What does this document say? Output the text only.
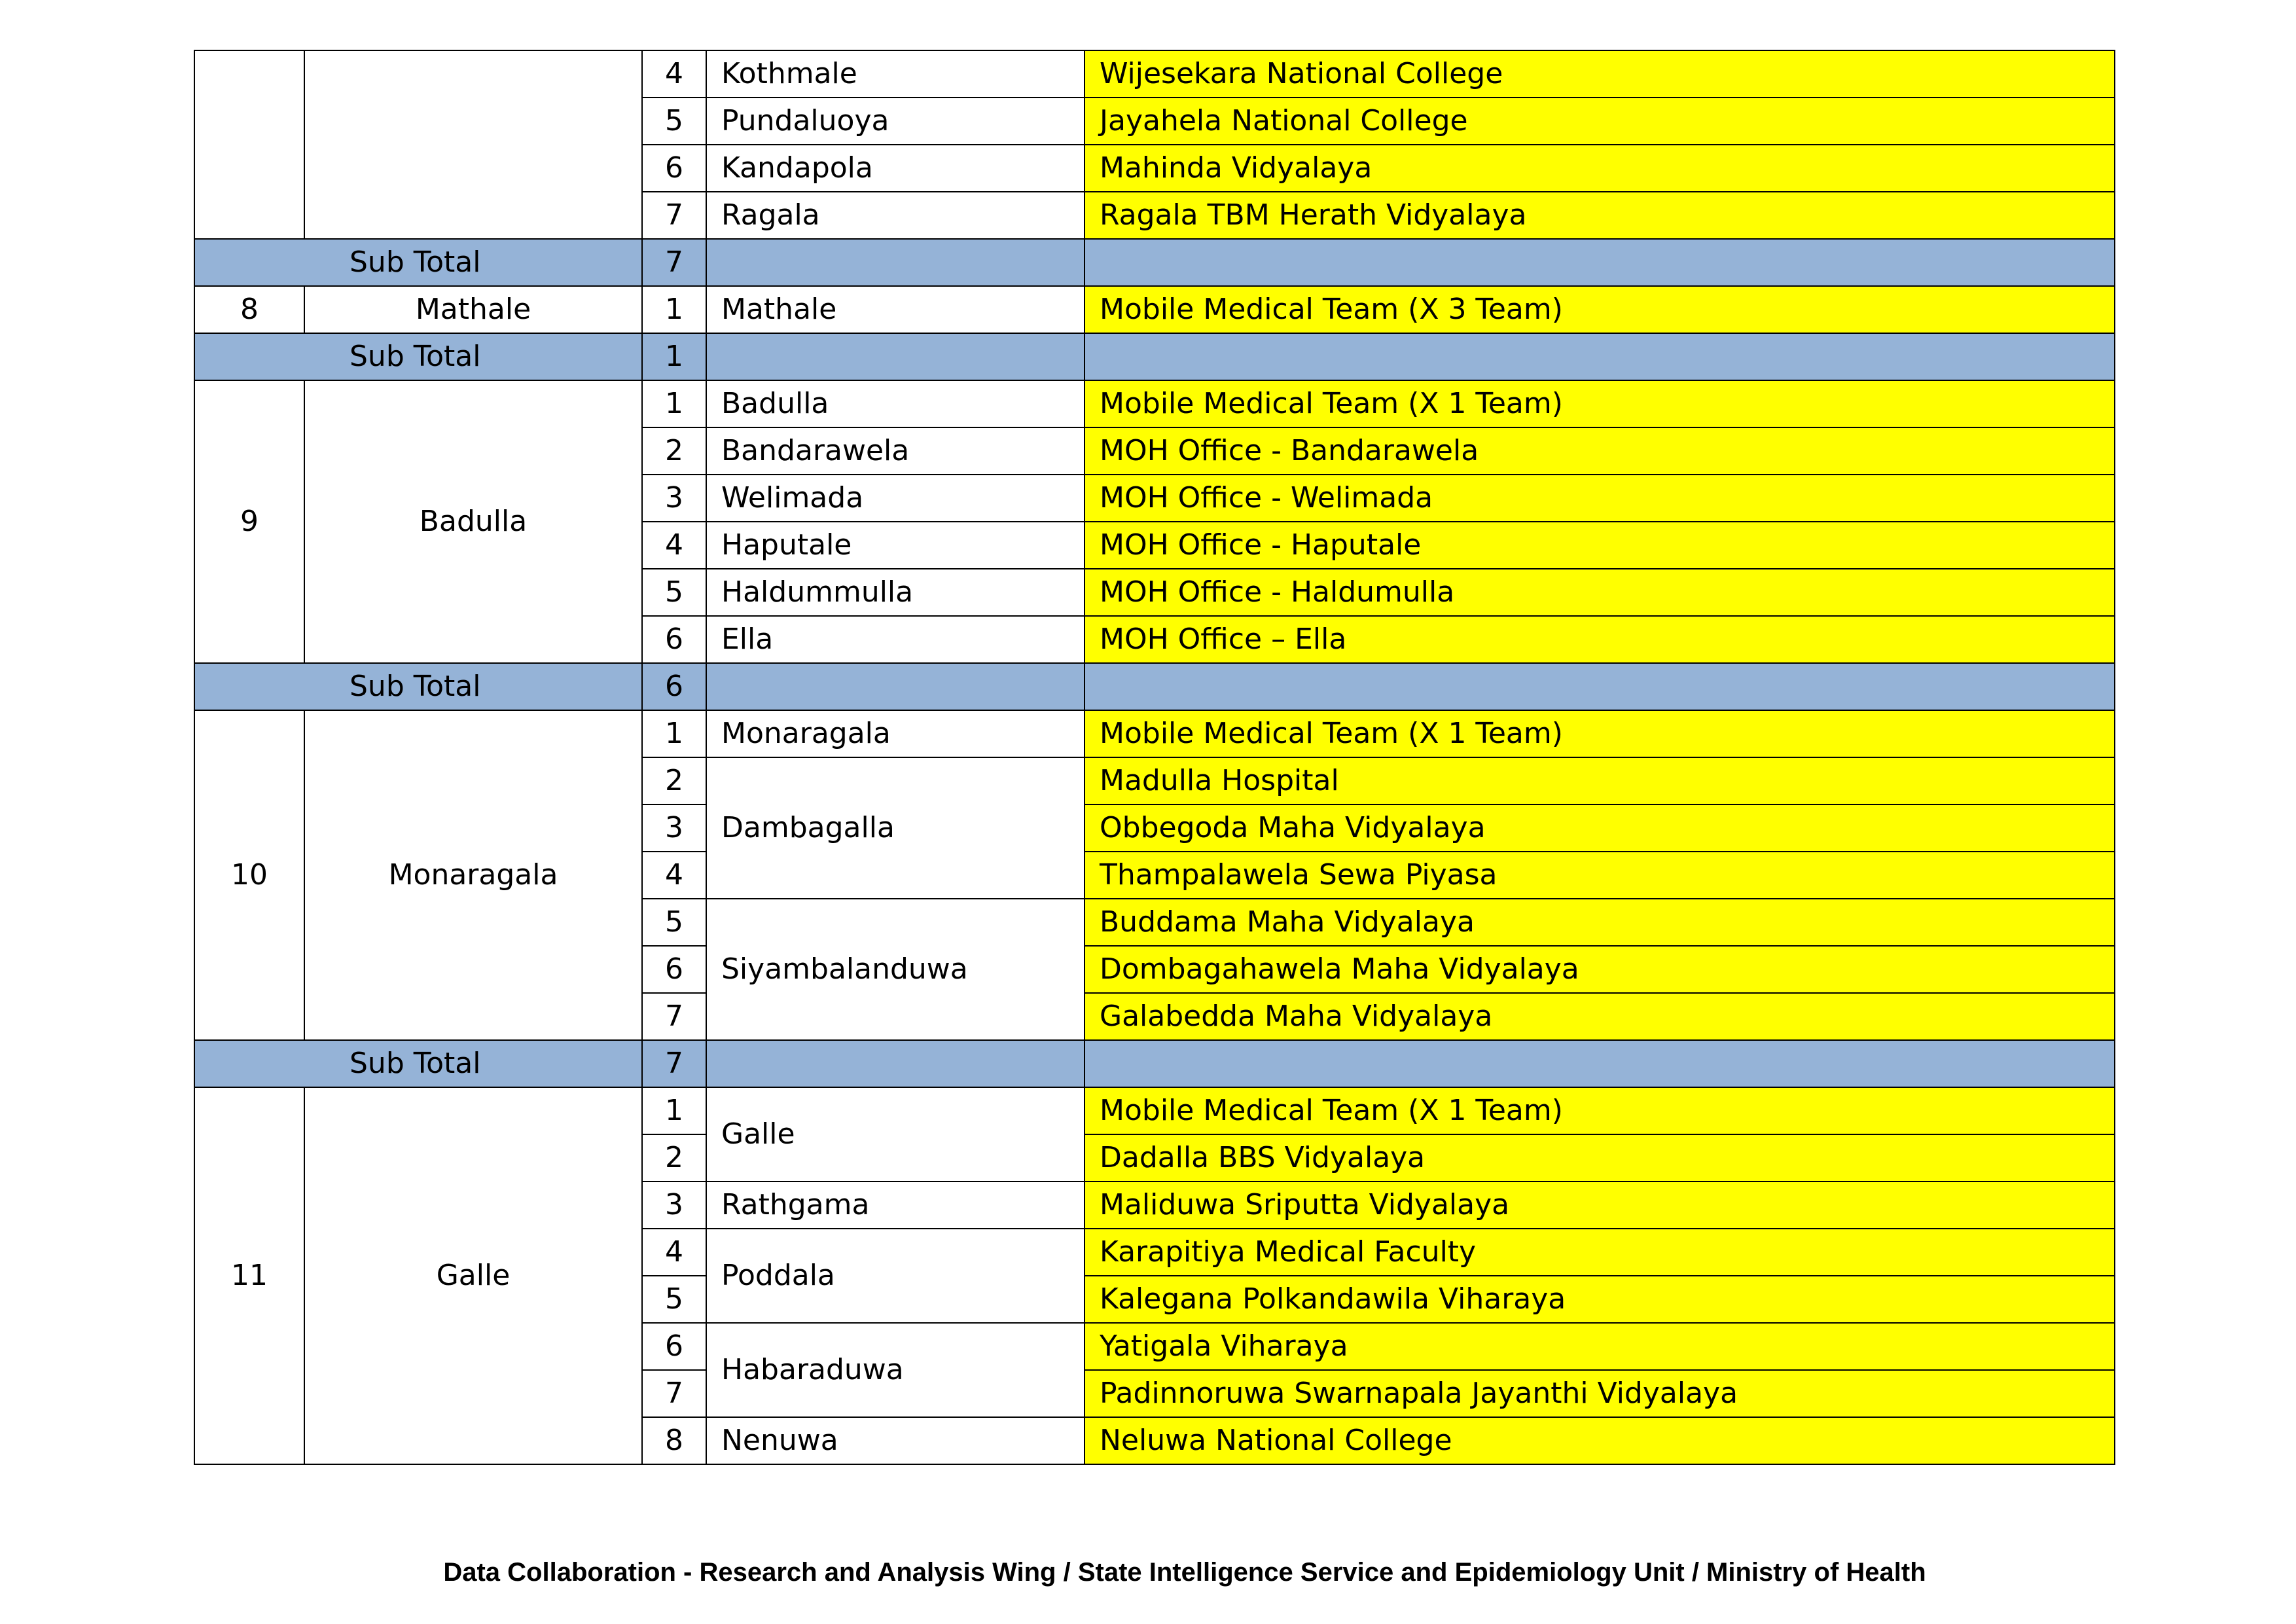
		4	Kothmale	Wijesekara National College
		5	Pundaluoya	Jayahela National College
		6	Kandapola	Mahinda Vidyalaya
		7	Ragala	Ragala TBM Herath Vidyalaya
Sub Total		7		
8	Mathale	1	Mathale	Mobile Medical Team (X 3 Team)
Sub Total		1		
9	Badulla	1	Badulla	Mobile Medical Team (X 1 Team)
		2	Bandarawela	MOH Office - Bandarawela
		3	Welimada	MOH Office - Welimada
		4	Haputale	MOH Office - Haputale
		5	Haldummulla	MOH Office - Haldumulla
		6	Ella	MOH Office – Ella
Sub Total		6		
10	Monaragala	1	Monaragala	Mobile Medical Team (X 1 Team)
		2	Dambagalla	Madulla Hospital
		3		Obbegoda Maha Vidyalaya
		4		Thampalawela Sewa Piyasa
		5	Siyambalanduwa	Buddama Maha Vidyalaya
		6		Dombagahawela Maha Vidyalaya
		7		Galabedda Maha Vidyalaya
Sub Total		7		
11	Galle	1	Galle	Mobile Medical Team (X 1 Team)
		2		Dadalla BBS Vidyalaya
		3	Rathgama	Maliduwa Sriputta Vidyalaya
		4	Poddala	Karapitiya Medical Faculty
		5		Kalegana Polkandawila Viharaya
		6	Habaraduwa	Yatigala Viharaya
		7		Padinnoruwa Swarnapala Jayanthi Vidyalaya
		8	Nenuwa	Neluwa National College
Data Collaboration - Research and Analysis Wing / State Intelligence Service and Epidemiology Unit / Ministry of Health
